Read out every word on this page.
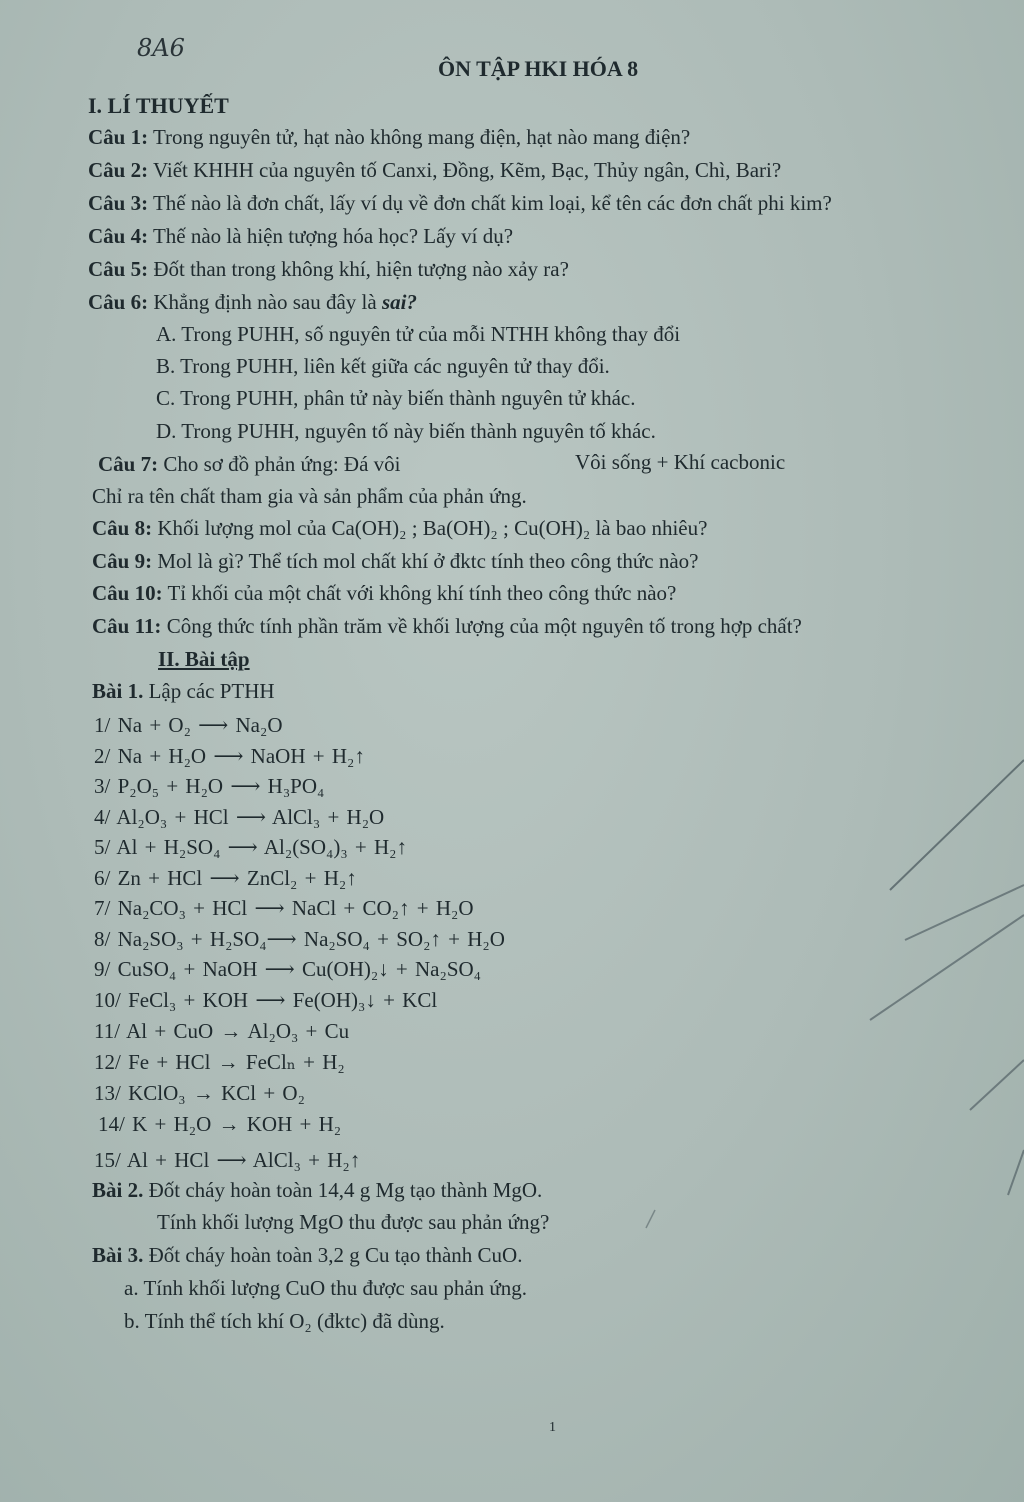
8A6
ÔN TẬP HKI HÓA 8
I. LÍ THUYẾT
Câu 1: Trong nguyên tử, hạt nào không mang điện, hạt nào mang điện?
Câu 2: Viết KHHH của nguyên tố Canxi, Đồng, Kẽm, Bạc, Thủy ngân, Chì, Bari?
Câu 3: Thế nào là đơn chất, lấy ví dụ về đơn chất kim loại, kể tên các đơn chất phi kim?
Câu 4: Thế nào là hiện tượng hóa học? Lấy ví dụ?
Câu 5: Đốt than trong không khí, hiện tượng nào xảy ra?
Câu 6: Khẳng định nào sau đây là sai?
A. Trong PUHH, số nguyên tử của mỗi NTHH không thay đổi
B. Trong PUHH, liên kết giữa các nguyên tử thay đổi.
C. Trong PUHH, phân tử này biến thành nguyên tử khác.
D. Trong PUHH, nguyên tố này biến thành nguyên tố khác.
Câu 7: Cho sơ đồ phản ứng: Đá vôi	Vôi sống + Khí cacbonic
Chỉ ra tên chất tham gia và sản phẩm của phản ứng.
Câu 8: Khối lượng mol của Ca(OH)₂ ; Ba(OH)₂ ; Cu(OH)₂ là bao nhiêu?
Câu 9: Mol là gì? Thể tích mol chất khí ở đktc tính theo công thức nào?
Câu 10: Tỉ khối của một chất với không khí tính theo công thức nào?
Câu 11: Công thức tính phần trăm về khối lượng của một nguyên tố trong hợp chất?
II. Bài tập
Bài 1. Lập các PTHH
1/ Na + O₂ ⟶ Na₂O
2/ Na + H₂O ⟶ NaOH + H₂↑
3/ P₂O₅ + H₂O ⟶ H₃PO₄
4/ Al₂O₃ + HCl ⟶ AlCl₃ + H₂O
5/ Al + H₂SO₄ ⟶ Al₂(SO₄)₃ + H₂↑
6/ Zn + HCl ⟶ ZnCl₂ + H₂↑
7/ Na₂CO₃ + HCl ⟶ NaCl + CO₂↑ + H₂O
8/ Na₂SO₃ + H₂SO₄⟶ Na₂SO₄ + SO₂↑ + H₂O
9/ CuSO₄ + NaOH ⟶ Cu(OH)₂↓ + Na₂SO₄
10/ FeCl₃ + KOH ⟶ Fe(OH)₃↓ + KCl
11/ Al + CuO → Al₂O₃ + Cu
12/ Fe + HCl → FeClₙ + H₂
13/ KClO₃ → KCl + O₂
14/ K + H₂O → KOH + H₂
15/ Al + HCl ⟶ AlCl₃ + H₂↑
Bài 2. Đốt cháy hoàn toàn 14,4 g Mg tạo thành MgO.
Tính khối lượng MgO thu được sau phản ứng?
Bài 3. Đốt cháy hoàn toàn 3,2 g Cu tạo thành CuO.
a. Tính khối lượng CuO thu được sau phản ứng.
b. Tính thể tích khí O₂ (đktc) đã dùng.
1
